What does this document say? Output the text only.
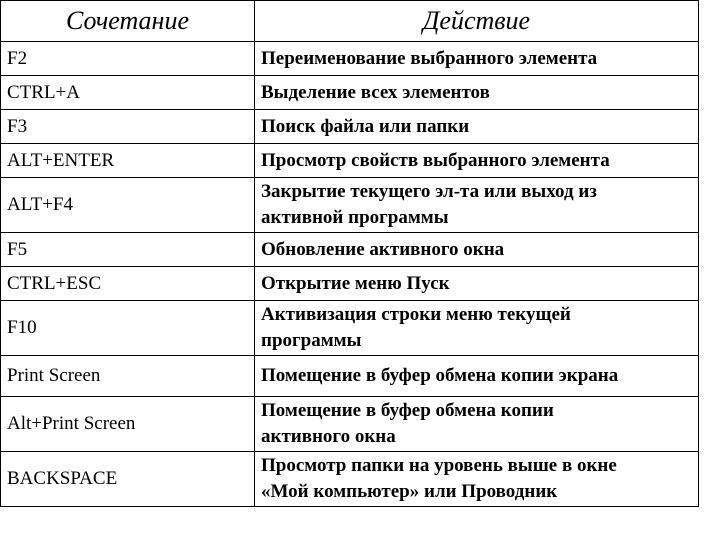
Сочетание	Действие
F2	Переименование выбранного элемента
CTRL+A	Выделение всех элементов
F3	Поиск файла или папки
ALT+ENTER	Просмотр свойств выбранного элемента
ALT+F4	Закрытие текущего эл-та или выход из
активной программы
F5	Обновление активного окна
CTRL+ESC	Открытие меню Пуск
F10	Активизация строки меню текущей
программы
Print Screen	Помещение в буфер обмена копии экрана
Alt+Print Screen	Помещение в буфер обмена копии
активного окна
BACKSPACE	Просмотр папки на уровень выше в окне
«Мой компьютер» или Проводник
